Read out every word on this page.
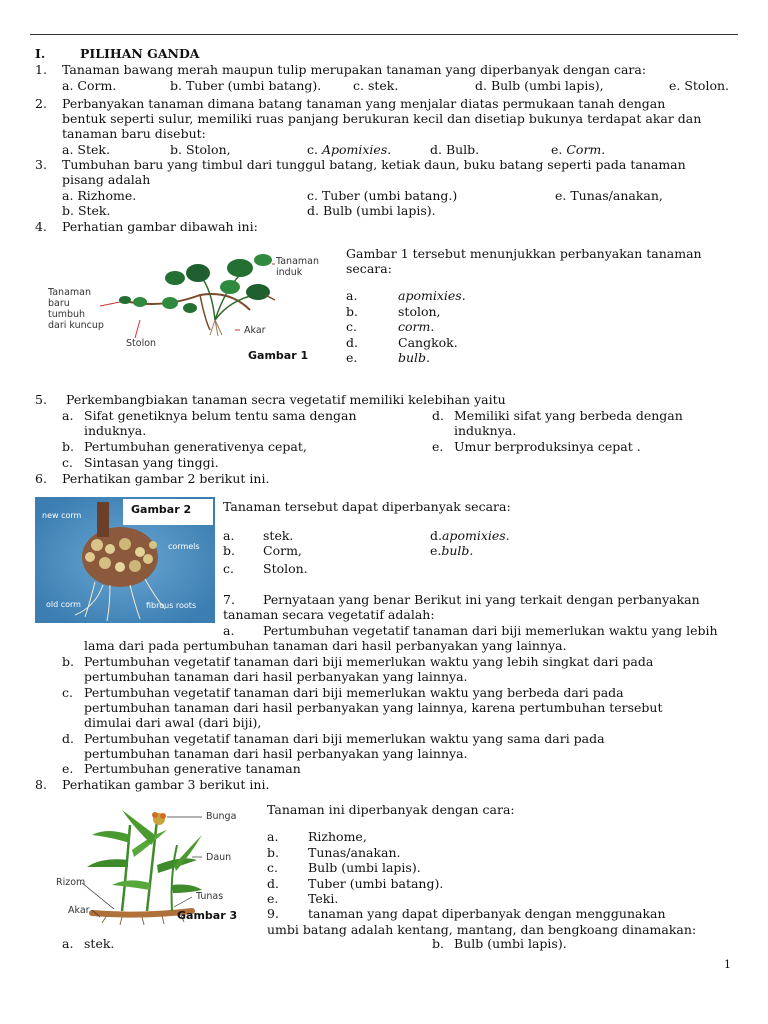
I.	PILIHAN GANDA
1. Tanaman bawang merah maupun tulip merupakan tanaman yang diperbanyak dengan cara:
a. Corm.	b. Tuber (umbi batang).	c. stek.	d. Bulb (umbi lapis),	e. Stolon.
2. Perbanyakan tanaman dimana batang tanaman yang menjalar diatas permukaan tanah dengan
bentuk seperti sulur, memiliki ruas panjang berukuran kecil dan disetiap bukunya terdapat akar dan
tanaman baru disebut:
a. Stek.	b. Stolon,	c. Apomixies.	d. Bulb.	e. Corm.
3. Tumbuhan baru yang timbul dari tunggul batang, ketiak daun, buku batang seperti pada tanaman
pisang adalah
a. Rizhome.
b. Stek.
c. Tuber (umbi batang.)
d. Bulb (umbi lapis).
e. Tunas/anakan,
4. Perhatian gambar dibawah ini:
Tanaman
induk
Tanaman
baru
tumbuh
dari kuncup	Akar
Stolon
Gambar 1
Gambar 1 tersebut menunjukkan perbanyakan tanaman
secara:
a.	apomixies.
b.	stolon,
c.	corm.
d.	Cangkok.
e.	bulb.
5. Perkembangbiakan tanaman secra vegetatif memiliki kelebihan yaitu
a. Sifat genetiknya belum tentu sama dengan
induknya.
b. Pertumbuhan generativenya cepat,
c. Sintasan yang tinggi.
d. Memiliki sifat yang berbeda dengan
induknya.
e. Umur berproduksinya cepat .
6. Perhatikan gambar 2 berikut ini.
Gambar 2
new corm
cormels
old corm	fibrous roots
Tanaman tersebut dapat diperbanyak secara:
a. stek.
b. Corm,
c. Stolon.
d.apomixies.
e.bulb.
7. Pernyataan yang benar Berikut ini yang terkait dengan perbanyakan
tanaman secara vegetatif adalah:
a. Pertumbuhan vegetatif tanaman dari biji memerlukan waktu yang lebih
lama dari pada pertumbuhan tanaman dari hasil perbanyakan yang lainnya.
b. Pertumbuhan vegetatif tanaman dari biji memerlukan waktu yang lebih singkat dari pada
pertumbuhan tanaman dari hasil perbanyakan yang lainnya.
c. Pertumbuhan vegetatif tanaman dari biji memerlukan waktu yang berbeda dari pada
pertumbuhan tanaman dari hasil perbanyakan yang lainnya, karena pertumbuhan tersebut
dimulai dari awal (dari biji),
d. Pertumbuhan vegetatif tanaman dari biji memerlukan waktu yang sama dari pada
pertumbuhan tanaman dari hasil perbanyakan yang lainnya.
e. Pertumbuhan generative tanaman
8. Perhatikan gambar 3 berikut ini.
Bunga
Daun
Rizom
Tunas
Akar	Gambar 3
Tanaman ini diperbanyak dengan cara:
a. Rizhome,
b. Tunas/anakan.
c. Bulb (umbi lapis).
d. Tuber (umbi batang).
e. Teki.
9. tanaman yang dapat diperbanyak dengan menggunakan
umbi batang adalah kentang, mantang, dan bengkoang dinamakan:
a. stek.	b. Bulb (umbi lapis).
1
